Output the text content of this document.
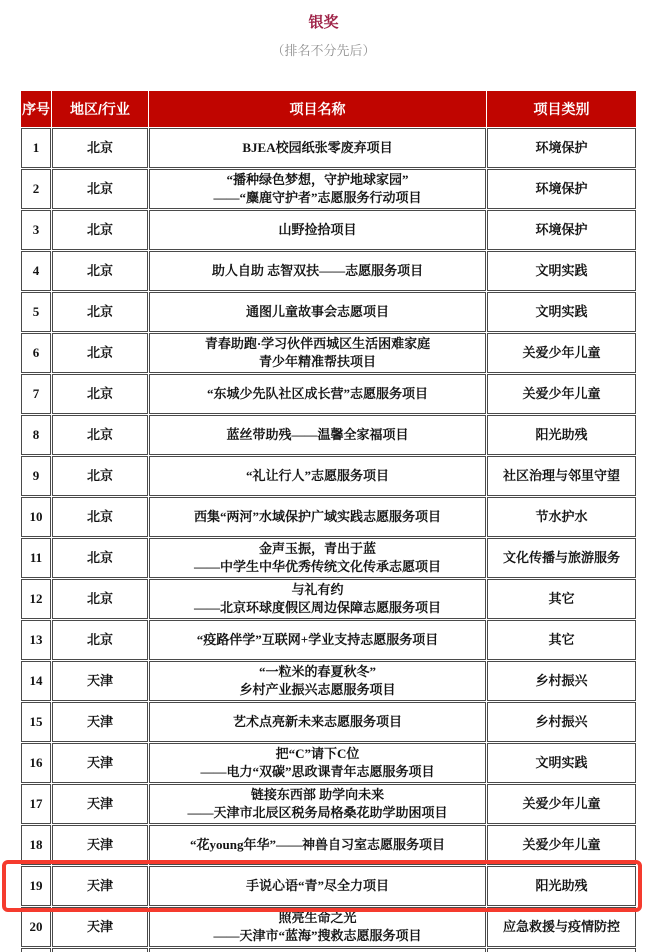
银奖
（排名不分先后）
序号	地区/行业	项目名称	项目类别
1	北京	BJEA校园纸张零废弃项目	环境保护
2	北京	“播种绿色梦想，守护地球家园”
——“麋鹿守护者”志愿服务行动项目	环境保护
3	北京	山野捡拾项目	环境保护
4	北京	助人自助 志智双扶——志愿服务项目	文明实践
5	北京	通图儿童故事会志愿项目	文明实践
6	北京	青春助跑·学习伙伴西城区生活困难家庭
青少年精准帮扶项目	关爱少年儿童
7	北京	“东城少先队社区成长营”志愿服务项目	关爱少年儿童
8	北京	蓝丝带助残——温馨全家福项目	阳光助残
9	北京	“礼让行人”志愿服务项目	社区治理与邻里守望
10	北京	西集“两河”水域保护广域实践志愿服务项目	节水护水
11	北京	金声玉振，青出于蓝
——中学生中华优秀传统文化传承志愿项目	文化传播与旅游服务
12	北京	与礼有约
——北京环球度假区周边保障志愿服务项目	其它
13	北京	“疫路伴学”互联网+学业支持志愿服务项目	其它
14	天津	“一粒米的春夏秋冬”
乡村产业振兴志愿服务项目	乡村振兴
15	天津	艺术点亮新未来志愿服务项目	乡村振兴
16	天津	把“C”请下C位
——电力“双碳”思政课青年志愿服务项目	文明实践
17	天津	链接东西部 助学向未来
——天津市北辰区税务局格桑花助学助困项目	关爱少年儿童
18	天津	“花young年华”——神兽自习室志愿服务项目	关爱少年儿童
19	天津	手说心语“青”尽全力项目	阳光助残
20	天津	照亮生命之光
——天津市“蓝海”搜救志愿服务项目	应急救援与疫情防控
